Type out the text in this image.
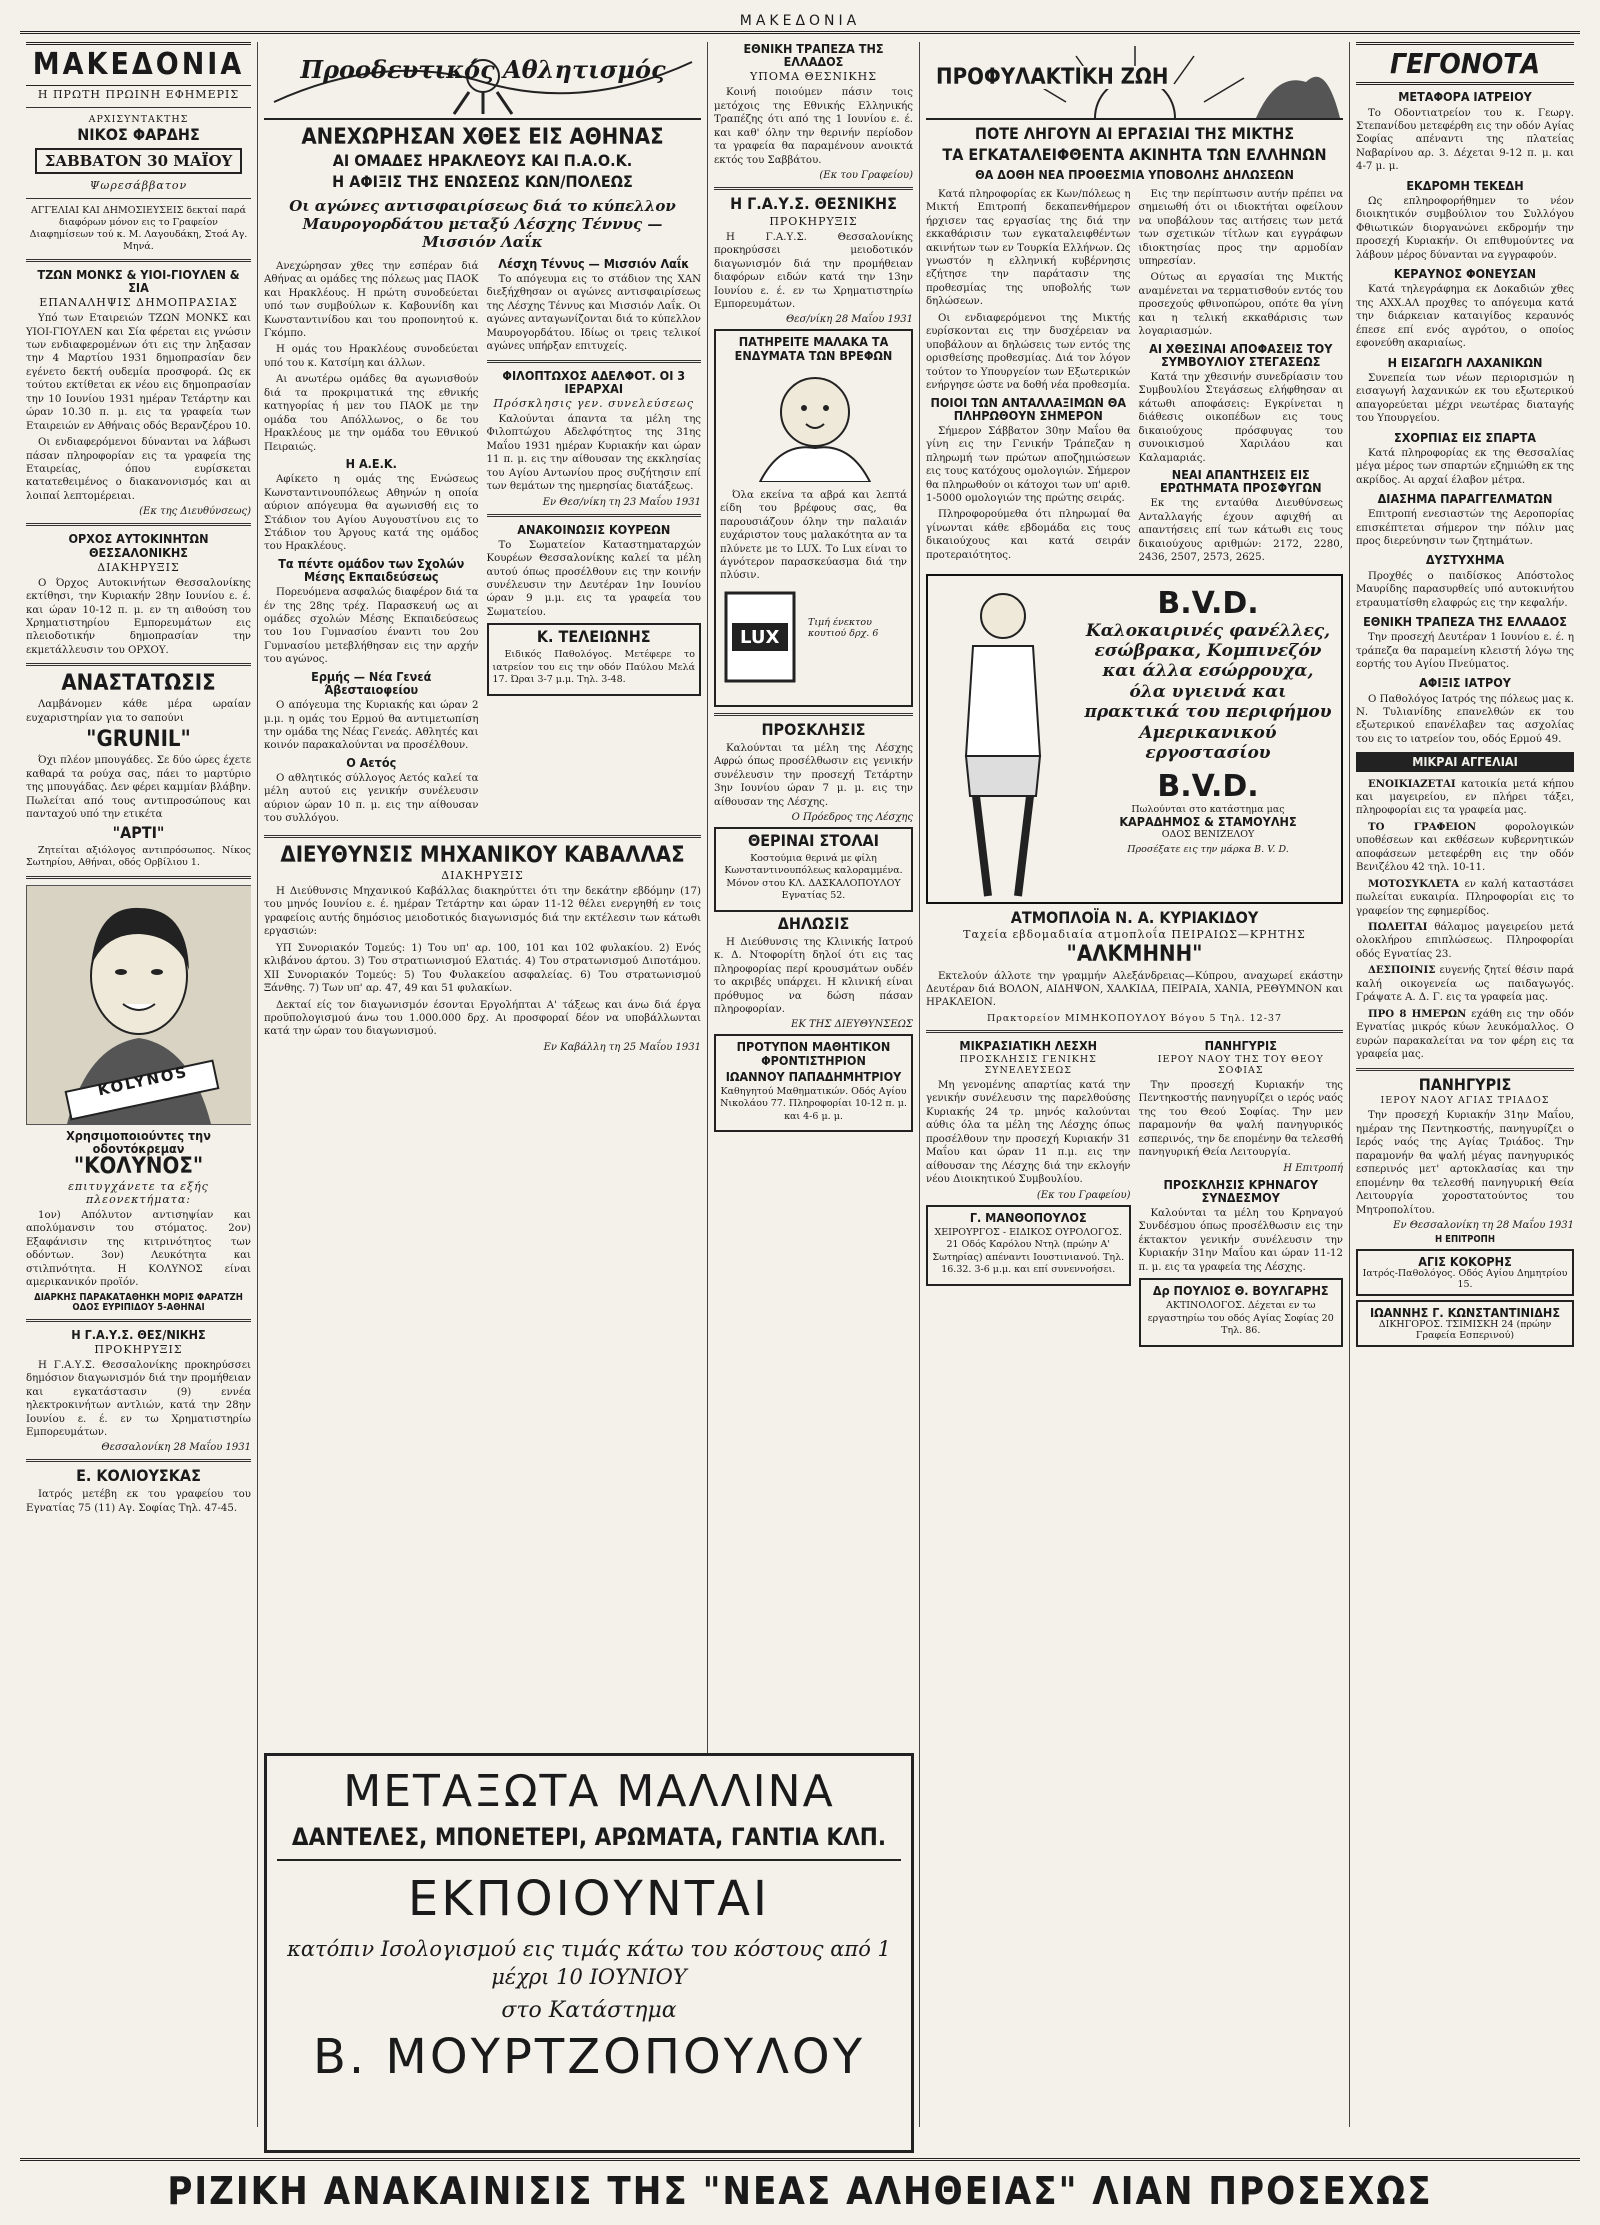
ΜΑΚΕΔΟΝΙΑ
ΜΑΚΕΔΟΝΙΑ
Η ΠΡΩΤΗ ΠΡΩΙΝΗ ΕΦΗΜΕΡΙΣ
ΑΡΧΙΣΥΝΤΑΚΤΗΣ
ΝΙΚΟΣ ΦΑΡΔΗΣ
ΣΑΒΒΑΤΟΝ 30 ΜΑΪΟΥ
Ψωρεσάββατον
ΑΓΓΕΛΙΑΙ ΚΑΙ ΔΗΜΟΣΙΕΥΣΕΙΣ δεκταί παρά διαφόρων μόνον εις το Γραφείον Διαφημίσεων τού κ. Μ. Λαγουδάκη, Στοά Αγ. Μηνά.
ΤΖΩΝ ΜΟΝΚΣ & ΥΙΟΙ-ΓΙΟΥΛΕΝ & ΣΙΑ
ΕΠΑΝΑΛΗΨΙΣ ΔΗΜΟΠΡΑΣΙΑΣ

Υπό των Εταιρειών ΤΖΩΝ ΜΟΝΚΣ και ΥΙΟΙ-ΓΙΟΥΛΕΝ και Σία φέρεται εις γνώσιν των ενδιαφερομένων ότι εις την ληξασαν την 4 Μαρτίου 1931 δημοπρασίαν δεν εγένετο δεκτή ουδεμία προσφορά. Ως εκ τούτου εκτίθεται εκ νέου εις δημοπρασίαν την 10 Ιουνίου 1931 ημέραν Τετάρτην και ώραν 10.30 π. μ. εις τα γραφεία των Εταιρειών εν Αθήναις οδός Βερανζέρου 10.

Οι ενδιαφερόμενοι δύνανται να λάβωσι πάσαν πληροφορίαν εις τα γραφεία της Εταιρείας, όπου ευρίσκεται κατατεθειμένος ο διακανονισμός και αι λοιπαί λεπτομέρειαι.

(Εκ της Διευθύνσεως)
ΟΡΧΟΣ ΑΥΤΟΚΙΝΗΤΩΝ ΘΕΣΣΑΛΟΝΙΚΗΣ
ΔΙΑΚΗΡΥΞΙΣ

Ο Όρχος Αυτοκινήτων Θεσσαλονίκης εκτίθησι, την Κυριακήν 28ην Ιουνίου ε. έ. και ώραν 10-12 π. μ. εν τη αιθούση του Χρηματιστηρίου Εμπορευμάτων εις πλειοδοτικήν δημοπρασίαν την εκμετάλλευσιν του ΟΡΧΟΥ.

ΑΝΑΣΤΑΤΩΣΙΣ

Λαμβάνομεν κάθε μέρα ωραίαν ευχαριστηρίαν για το σαπούνι

"GRUNIL"

Όχι πλέον μπουγάδες. Σε δύο ώρες έχετε καθαρά τα ρούχα σας, πάει το μαρτύριο της μπουγάδας. Δεν φέρει καμμίαν βλάβην. Πωλείται από τους αντιπροσώπους και πανταχού υπό την ετικέτα

"ΑΡΤΙ"

Ζητείται αξιόλογος αντιπρόσωπος. Νίκος Σωτηρίου, Αθήναι, οδός Ορβίλιου 1.

KOLYNOS
Χρησιμοποιούντες την οδοντόκρεμαν
"ΚΟΛΥΝΟΣ"
επιτυγχάνετε τα εξής πλεονεκτήματα:

1ον) Απόλυτον αντισηψίαν και απολύμανσιν του στόματος. 2ον) Εξαφάνισιν της κιτρινότητος των οδόντων. 3ον) Λευκότητα και στιλπνότητα. Η ΚΟΛΥΝΟΣ είναι αμερικανικόν προϊόν.

ΔΙΑΡΚΗΣ ΠΑΡΑΚΑΤΑΘΗΚΗ ΜΟΡΙΣ ΦΑΡΑΤΖΗ ΟΔΟΣ ΕΥΡΙΠΙΔΟΥ 5-ΑΘΗΝΑΙ
Η Γ.Α.Υ.Σ. ΘΕΣ/ΝΙΚΗΣ
ΠΡΟΚΗΡΥΞΙΣ

Η Γ.Α.Υ.Σ. Θεσσαλονίκης προκηρύσσει δημόσιον διαγωνισμόν διά την προμήθειαν και εγκατάστασιν (9) εννέα ηλεκτροκινήτων αντλιών, κατά την 28ην Ιουνίου ε. έ. εν τω Χρηματιστηρίω Εμπορευμάτων.

Θεσσαλονίκη 28 Μαΐου 1931
Ε. ΚΟΛΙΟΥΣΚΑΣ

Ιατρός μετέβη εκ του γραφείου του Εγνατίας 75 (11) Αγ. Σοφίας Τηλ. 47-45.

Προοδευτικός Αθλητισμός
ΑΝΕΧΩΡΗΣΑΝ ΧΘΕΣ ΕΙΣ ΑΘΗΝΑΣ
ΑΙ ΟΜΑΔΕΣ ΗΡΑΚΛΕΟΥΣ ΚΑΙ Π.Α.Ο.Κ.
Η ΑΦΙΞΙΣ ΤΗΣ ΕΝΩΣΕΩΣ ΚΩΝ/ΠΟΛΕΩΣ
Οι αγώνες αντισφαιρίσεως διά το κύπελλον Μαυρογορδάτου μεταξύ Λέσχης Τέννυς — Μισσιόν Λαΐκ

Ανεχώρησαν χθες την εσπέραν διά Αθήνας αι ομάδες της πόλεως μας ΠΑΟΚ και Ηρακλέους. Η πρώτη συνοδεύεται υπό των συμβούλων κ. Καβουνίδη και Κωνσταντινίδου και του προπονητού κ. Γκόμπο.

Η ομάς του Ηρακλέους συνοδεύεται υπό του κ. Κατσίμη και άλλων.

Αι ανωτέρω ομάδες θα αγωνισθούν διά τα προκριματικά της εθνικής κατηγορίας ή μεν του ΠΑΟΚ με την ομάδα του Απόλλωνος, ο δε του Ηρακλέους με την ομάδα του Εθνικού Πειραιώς.

Η Α.Ε.Κ.

Αφίκετο η ομάς της Ενώσεως Κωνσταντινουπόλεως Αθηνών η οποία αύριον απόγευμα θα αγωνισθή εις το Στάδιον του Αγίου Αυγουστίνου εις το Στάδιον του Άργους κατά της ομάδος του Ηρακλέους.

Τα πέντε ομάδον των Σχολών Μέσης Εκπαιδεύσεως

Πορευόμενα ασφαλώς διαφέρον διά τα έν της 28ης τρέχ. Παρασκευή ως αι ομάδες σχολών Μέσης Εκπαιδεύσεως του 1ου Γυμνασίου έναντι του 2ου Γυμνασίου μετεβλήθησαν εις την αρχήν του αγώνος.

Ερμής — Νέα Γενεά Άβεσταιοφείου

Ο απόγευμα της Κυριακής και ώραν 2 μ.μ. η ομάς του Ερμού θα αντιμετωπίση την ομάδα της Νέας Γενεάς. Αθλητές και κοινόν παρακαλούνται να προσέλθουν.

Ο Αετός

Ο αθλητικός σύλλογος Αετός καλεί τα μέλη αυτού εις γενικήν συνέλευσιν αύριον ώραν 10 π. μ. εις την αίθουσαν του συλλόγου.

Λέσχη Τέννυς — Μισσιόν Λαΐκ

Το απόγευμα εις το στάδιον της ΧΑΝ διεξήχθησαν οι αγώνες αντισφαιρίσεως της Λέσχης Τέννυς και Μισσιόν Λαΐκ. Οι αγώνες ανταγωνίζονται διά το κύπελλον Μαυρογορδάτου. Ιδίως οι τρεις τελικοί αγώνες υπήρξαν επιτυχείς.

ΦΙΛΟΠΤΩΧΟΣ ΑΔΕΛΦΟΤ. ΟΙ 3 ΙΕΡΑΡΧΑΙ
Πρόσκλησις γεν. συνελεύσεως

Καλούνται άπαντα τα μέλη της Φιλοπτώχου Αδελφότητος της 31ης Μαΐου 1931 ημέραν Κυριακήν και ώραν 11 π. μ. εις την αίθουσαν της εκκλησίας του Αγίου Αντωνίου προς συζήτησιν επί των θεμάτων της ημερησίας διατάξεως.

Εν Θεσ/νίκη τη 23 Μαΐου 1931
ΑΝΑΚΟΙΝΩΣΙΣ ΚΟΥΡΕΩΝ

Το Σωματείον Καταστηματαρχών Κουρέων Θεσσαλονίκης καλεί τα μέλη αυτού όπως προσέλθουν εις την κοινήν συνέλευσιν την Δευτέραν 1ην Ιουνίου ώραν 9 μ.μ. εις τα γραφεία του Σωματείου.

Κ. ΤΕΛΕΙΩΝΗΣ

Ειδικός Παθολόγος. Μετέφερε το ιατρείον του εις την οδόν Παύλου Μελά 17. Ώραι 3-7 μ.μ. Τηλ. 3-48.

ΔΙΕΥΘΥΝΣΙΣ ΜΗΧΑΝΙΚΟΥ ΚΑΒΑΛΛΑΣ
ΔΙΑΚΗΡΥΞΙΣ

Η Διεύθυνσις Μηχανικού Καβάλλας διακηρύττει ότι την δεκάτην εβδόμην (17) του μηνός Ιουνίου ε. έ. ημέραν Τετάρτην και ώραν 11-12 θέλει ενεργηθή εν τοις γραφείοις αυτής δημόσιος μειοδοτικός διαγωνισμός διά την εκτέλεσιν των κάτωθι εργασιών:

ΥΠ Συνοριακόν Τομεύς: 1) Του υπ' αρ. 100, 101 και 102 φυλακίου. 2) Ενός κλιβάνου άρτου. 3) Του στρατιωνισμού Ελατιάς. 4) Του στρατωνισμού Διποτάμου. ΧΙΙ Συνοριακόν Τομεύς: 5) Του Φυλακείου ασφαλείας. 6) Του στρατωνισμού Ξάνθης. 7) Των υπ' αρ. 47, 49 και 51 φυλακίων.

Δεκταί είς τον διαγωνισμόν έσονται Εργολήπται Α' τάξεως και άνω διά έργα προϋπολογισμού άνω του 1.000.000 δρχ. Αι προσφοραί δέον να υποβάλλωνται κατά την ώραν του διαγωνισμού.

Εν Καβάλλη τη 25 Μαΐου 1931
ΕΘΝΙΚΗ ΤΡΑΠΕΖΑ ΤΗΣ ΕΛΛΑΔΟΣ
ΥΠΟΜΑ ΘΕΣΝΙΚΗΣ

Κοινή ποιούμεν πάσιν τοις μετόχοις της Εθνικής Ελληνικής Τραπέζης ότι από της 1 Ιουνίου ε. έ. και καθ' όλην την θερινήν περίοδον τα γραφεία θα παραμένουν ανοικτά εκτός του Σαββάτου.

(Εκ του Γραφείου)
Η Γ.Α.Υ.Σ. ΘΕΣΝΙΚΗΣ
ΠΡΟΚΗΡΥΞΙΣ

Η Γ.Α.Υ.Σ. Θεσσαλονίκης προκηρύσσει μειοδοτικόν διαγωνισμόν διά την προμήθειαν διαφόρων ειδών κατά την 13ην Ιουνίου ε. έ. εν τω Χρηματιστηρίω Εμπορευμάτων.

Θεσ/νίκη 28 Μαΐου 1931
ΠΑΤΗΡΕΙΤΕ ΜΑΛΑΚΑ ΤΑ ΕΝΔΥΜΑΤΑ ΤΩΝ ΒΡΕΦΩΝ

Όλα εκείνα τα αβρά και λεπτά είδη του βρέφους σας, θα παρουσιάζουν όλην την παλαιάν ευχάριστον τους μαλακότητα αν τα πλύνετε με το LUX. Το Lux είναι το άγνότερον παρασκεύασμα διά την πλύσιν.

LUX
Τιμή ένεκτου κουτιού δρχ. 6
ΠΡΟΣΚΛΗΣΙΣ

Καλούνται τα μέλη της Λέσχης Αφρώ όπως προσέλθωσιν εις γενικήν συνέλευσιν την προσεχή Τετάρτην 3ην Ιουνίου ώραν 7 μ. μ. εις την αίθουσαν της Λέσχης.

Ο Πρόεδρος της Λέσχης
ΘΕΡΙΝΑΙ ΣΤΟΛΑΙ

Κοστούμια θερινά με φίλη Κωνσταντινουπόλεως καλοραμμένα. Μόνον στου ΚΛ. ΔΑΣΚΑΛΟΠΟΥΛΟΥ Εγνατίας 52.

ΔΗΛΩΣΙΣ

Η Διεύθυνσις της Κλινικής Ιατρού κ. Δ. Ντοφορίτη δηλοί ότι εις τας πληροφορίας περί κρουσμάτων ουδέν το ακριβές υπάρχει. Η κλινική είναι πρόθυμος να δώση πάσαν πληροφορίαν.

ΕΚ ΤΗΣ ΔΙΕΥΘΥΝΣΕΩΣ
ΠΡΟΤΥΠΟΝ ΜΑΘΗΤΙΚΟΝ ΦΡΟΝΤΙΣΤΗΡΙΟΝ
ΙΩΑΝΝΟΥ ΠΑΠΑΔΗΜΗΤΡΙΟΥ

Καθηγητού Μαθηματικών. Οδός Αγίου Νικολάου 77. Πληροφορίαι 10-12 π. μ. και 4-6 μ. μ.

ΠΡΟΦΥΛΑΚΤΙΚΗ ΖΩΗ
ΠΟΤΕ ΛΗΓΟΥΝ ΑΙ ΕΡΓΑΣΙΑΙ ΤΗΣ ΜΙΚΤΗΣ
ΤΑ ΕΓΚΑΤΑΛΕΙΦΘΕΝΤΑ ΑΚΙΝΗΤΑ ΤΩΝ ΕΛΛΗΝΩΝ
ΘΑ ΔΟΘΗ ΝΕΑ ΠΡΟΘΕΣΜΙΑ ΥΠΟΒΟΛΗΣ ΔΗΛΩΣΕΩΝ

Κατά πληροφορίας εκ Κων/πόλεως η Μικτή Επιτροπή δεκαπενθήμερον ήρχισεν τας εργασίας της διά την εκκαθάρισιν των εγκαταλειφθέντων ακινήτων των εν Τουρκία Ελλήνων. Ως γνωστόν η ελληνική κυβέρνησις εζήτησε την παράτασιν της προθεσμίας της υποβολής των δηλώσεων.

Οι ενδιαφερόμενοι της Μικτής ευρίσκονται εις την δυσχέρειαν να υποβάλουν αι δηλώσεις των εντός της ορισθείσης προθεσμίας. Διά τον λόγον τούτον το Υπουργείον των Εξωτερικών ενήργησε ώστε να δοθή νέα προθεσμία.

ΠΟΙΟΙ ΤΩΝ ΑΝΤΑΛΛΑΞΙΜΩΝ ΘΑ ΠΛΗΡΩΘΟΥΝ ΣΗΜΕΡΟΝ

Σήμερον Σάββατον 30ην Μαΐου θα γίνη εις την Γενικήν Τράπεζαν η πληρωμή των πρώτων αποζημιώσεων εις τους κατόχους ομολογιών. Σήμερον θα πληρωθούν οι κάτοχοι των υπ' αριθ. 1-5000 ομολογιών της πρώτης σειράς.

Πληροφορούμεθα ότι πληρωμαί θα γίνωνται κάθε εβδομάδα εις τους δικαιούχους και κατά σειράν προτεραιότητος.

Εις την περίπτωσιν αυτήν πρέπει να σημειωθή ότι οι ιδιοκτήται οφείλουν να υποβάλουν τας αιτήσεις των μετά των σχετικών τίτλων και εγγράφων ιδιοκτησίας προς την αρμοδίαν υπηρεσίαν.

Ούτως αι εργασίαι της Μικτής αναμένεται να τερματισθούν εντός του προσεχούς φθινοπώρου, οπότε θα γίνη και η τελική εκκαθάρισις των λογαριασμών.

ΑΙ ΧΘΕΣΙΝΑΙ ΑΠΟΦΑΣΕΙΣ ΤΟΥ ΣΥΜΒΟΥΛΙΟΥ ΣΤΕΓΑΣΕΩΣ

Κατά την χθεσινήν συνεδρίασιν του Συμβουλίου Στεγάσεως ελήφθησαν αι κάτωθι αποφάσεις: Εγκρίνεται η διάθεσις οικοπέδων εις τους δικαιούχους πρόσφυγας του συνοικισμού Χαριλάου και Καλαμαριάς.

ΝΕΑΙ ΑΠΑΝΤΗΣΕΙΣ ΕΙΣ ΕΡΩΤΗΜΑΤΑ ΠΡΟΣΦΥΓΩΝ

Εκ της ενταύθα Διευθύνσεως Ανταλλαγής έχουν αφιχθή αι απαντήσεις επί των κάτωθι εις τους δικαιούχους αριθμών: 2172, 2280, 2436, 2507, 2573, 2625.

B.V.D.
Καλοκαιρινές φανέλλες, εσώβρακα, Κομπινεζόν και άλλα εσώρρουχα, όλα υγιεινά και πρακτικά του περιφήμου Αμερικανικού εργοστασίου
B.V.D.
Πωλούνται στο κατάστημα μας
ΚΑΡΑΔΗΜΟΣ & ΣΤΑΜΟΥΛΗΣ
ΟΔΟΣ ΒΕΝΙΖΕΛΟΥ
Προσέξατε εις την μάρκα B. V. D.
ΑΤΜΟΠΛΟΪΑ Ν. Α. ΚΥΡΙΑΚΙΔΟΥ
Ταχεία εβδομαδιαία ατμοπλοΐα ΠΕΙΡΑΙΩΣ—ΚΡΗΤΗΣ
"ΑΛΚΜΗΝΗ"

Εκτελούν άλλοτε την γραμμήν Αλεξάνδρειας—Κύπρου, αναχωρεί εκάστην Δευτέραν διά ΒΟΛΟΝ, ΑΙΔΗΨΟΝ, ΧΑΛΚΙΔΑ, ΠΕΙΡΑΙΑ, ΧΑΝΙΑ, ΡΕΘΥΜΝΟΝ και ΗΡΑΚΛΕΙΟΝ.

Πρακτορείον ΜΙΜΗΚΟΠΟΥΛΟΥ Βόγου 5 Τηλ. 12-37
ΜΙΚΡΑΣΙΑΤΙΚΗ ΛΕΣΧΗ
ΠΡΟΣΚΛΗΣΙΣ ΓΕΝΙΚΗΣ ΣΥΝΕΛΕΥΣΕΩΣ

Μη γενομένης απαρτίας κατά την γενικήν συνέλευσιν της παρελθούσης Κυριακής 24 τρ. μηνός καλούνται αύθις όλα τα μέλη της Λέσχης όπως προσέλθουν την προσεχή Κυριακήν 31 Μαΐου και ώραν 11 π.μ. εις την αίθουσαν της Λέσχης διά την εκλογήν νέου Διοικητικού Συμβουλίου.

(Εκ του Γραφείου)
Γ. ΜΑΝΘΟΠΟΥΛΟΣ

ΧΕΙΡΟΥΡΓΟΣ - ΕΙΔΙΚΟΣ ΟΥΡΟΛΟΓΟΣ. 21 Οδός Καρόλου Ντηλ (πρώην Α' Σωτηρίας) απέναντι Ιουστινιανού. Τηλ. 16.32. 3-6 μ.μ. και επί συνεννοήσει.

ΠΑΝΗΓΥΡΙΣ
ΙΕΡΟΥ ΝΑΟΥ ΤΗΣ ΤΟΥ ΘΕΟΥ ΣΟΦΙΑΣ

Την προσεχή Κυριακήν της Πεντηκοστής πανηγυρίζει ο ιερός ναός της του Θεού Σοφίας. Την μεν παραμονήν θα ψαλή πανηγυρικός εσπερινός, την δε επομένην θα τελεσθή πανηγυρική Θεία Λειτουργία.

Η Επιτροπή
ΠΡΟΣΚΛΗΣΙΣ ΚΡΗΝΑΓΟΥ ΣΥΝΔΕΣΜΟΥ

Καλούνται τα μέλη του Κρηναγού Συνδέσμου όπως προσέλθωσιν εις την έκτακτον γενικήν συνέλευσιν την Κυριακήν 31ην Μαΐου και ώραν 11-12 π. μ. εις τα γραφεία της Λέσχης.

Δρ ΠΟΥΛΙΟΣ Θ. ΒΟΥΛΓΑΡΗΣ

ΑΚΤΙΝΟΛΟΓΟΣ. Δέχεται εν τω εργαστηρίω του οδός Αγίας Σοφίας 20 Τηλ. 86.

ΓΕΓΟΝΟΤΑ
ΜΕΤΑΦΟΡΑ ΙΑΤΡΕΙΟΥ

Το Οδοντιατρείον του κ. Γεωργ. Στεπανίδου μετεφέρθη εις την οδόν Αγίας Σοφίας απέναντι της πλατείας Ναβαρίνου αρ. 3. Δέχεται 9-12 π. μ. και 4-7 μ. μ.

ΕΚΔΡΟΜΗ ΤΕΚΕΔΗ

Ως επληροφορήθημεν το νέον διοικητικόν συμβούλιον του Συλλόγου Φθιωτικών διοργανώνει εκδρομήν την προσεχή Κυριακήν. Οι επιθυμούντες να λάβουν μέρος δύνανται να εγγραφούν.

ΚΕΡΑΥΝΟΣ ΦΟΝΕΥΣΑΝ

Κατά τηλεγράφημα εκ Δοκαδιών χθες της ΑΧΧ.ΑΛ προχθες το απόγευμα κατά την διάρκειαν καταιγίδος κεραυνός έπεσε επί ενός αγρότου, ο οποίος εφονεύθη ακαριαίως.

Η ΕΙΣΑΓΩΓΗ ΛΑΧΑΝΙΚΩΝ

Συνεπεία των νέων περιορισμών η εισαγωγή λαχανικών εκ του εξωτερικού απαγορεύεται μέχρι νεωτέρας διαταγής του Υπουργείου.

ΣΧΟΡΠΙΑΣ ΕΙΣ ΣΠΑΡΤΑ

Κατά πληροφορίας εκ της Θεσσαλίας μέγα μέρος των σπαρτών εζημιώθη εκ της ακρίδος. Αι αρχαί έλαβον μέτρα.

ΔΙΑΣΗΜΑ ΠΑΡΑΓΓΕΛΜΑΤΩΝ

Επιτροπή ενεσιαστών της Αεροπορίας επισκέπτεται σήμερον την πόλιν μας προς διερεύνησιν των ζητημάτων.

ΔΥΣΤΥΧΗΜΑ

Προχθές ο παιδίσκος Απόστολος Μαυρίδης παρασυρθείς υπό αυτοκινήτου ετραυματίσθη ελαφρώς εις την κεφαλήν.

ΕΘΝΙΚΗ ΤΡΑΠΕΖΑ ΤΗΣ ΕΛΛΑΔΟΣ

Την προσεχή Δευτέραν 1 Ιουνίου ε. έ. η τράπεζα θα παραμείνη κλειστή λόγω της εορτής του Αγίου Πνεύματος.

ΑΦΙΞΙΣ ΙΑΤΡΟΥ

Ο Παθολόγος Ιατρός της πόλεως μας κ. Ν. Τυλιανίδης επανελθών εκ του εξωτερικού επανέλαβεν τας ασχολίας του εις το ιατρείον του, οδός Ερμού 49.

ΜΙΚΡΑΙ ΑΓΓΕΛΙΑΙ

ΕΝΟΙΚΙΑΖΕΤΑΙ κατοικία μετά κήπου και μαγειρείου, εν πλήρει τάξει, πληροφορίαι εις τα γραφεία μας.

ΤΟ ΓΡΑΦΕΙΟΝ	φορολογικών υποθέσεων και εκθέσεων κυβερνητικών αποφάσεων μετεφέρθη εις την οδόν Βενιζέλου 42 τηλ. 10-11.

ΜΟΤΟΣΥΚΛΕΤΑ εν καλή καταστάσει πωλείται ευκαιρία. Πληροφορίαι εις το γραφείον της εφημερίδος.

ΠΩΛΕΙΤΑΙ θάλαμος μαγειρείου μετά ολοκλήρου επιπλώσεως. Πληροφορίαι οδός Εγνατίας 23.

ΔΕΣΠΟΙΝΙΣ ευγενής ζητεί θέσιν παρά καλή οικογενεία ως παιδαγωγός. Γράψατε Α. Δ. Γ. εις τα γραφεία μας.

ΠΡΟ 8 ΗΜΕΡΩΝ εχάθη εις την οδόν Εγνατίας μικρός κύων λευκόμαλλος. Ο ευρών παρακαλείται να τον φέρη εις τα γραφεία μας.

ΠΑΝΗΓΥΡΙΣ
ΙΕΡΟΥ ΝΑΟΥ ΑΓΙΑΣ ΤΡΙΑΔΟΣ

Την προσεχή Κυριακήν 31ην Μαΐου, ημέραν της Πεντηκοστής, πανηγυρίζει ο Ιερός ναός της Αγίας Τριάδος. Την παραμονήν θα ψαλή μέγας πανηγυρικός εσπερινός μετ' αρτοκλασίας και την επομένην θα τελεσθή πανηγυρική Θεία Λειτουργία χοροστατούντος του Μητροπολίτου.

Εν Θεσσαλονίκη τη 28 Μαΐου 1931
Η ΕΠΙΤΡΟΠΗ
ΑΓΙΣ ΚΟΚΟΡΗΣ
Ιατρός-Παθολόγος. Οδός Αγίου Δημητρίου 15.
ΙΩΑΝΝΗΣ Γ. ΚΩΝΣΤΑΝΤΙΝΙΔΗΣ
ΔΙΚΗΓΟΡΟΣ. ΤΣΙΜΙΣΚΗ 24 (πρώην Γραφεία Εσπερινού)
ΜΕΤΑΞΩΤΑ ΜΑΛΛΙΝΑ
ΔΑΝΤΕΛΕΣ, ΜΠΟΝΕΤΕΡΙ, ΑΡΩΜΑΤΑ, ΓΑΝΤΙΑ ΚΛΠ.
ΕΚΠΟΙΟΥΝΤΑΙ
κατόπιν Ισολογισμού εις τιμάς κάτω του κόστους από 1 μέχρι 10 ΙΟΥΝΙΟΥ
στο Κατάστημα
Β. ΜΟΥΡΤΖΟΠΟΥΛΟΥ
ΡΙΖΙΚΗ ΑΝΑΚΑΙΝΙΣΙΣ ΤΗΣ "ΝΕΑΣ ΑΛΗΘΕΙΑΣ" ΛΙΑΝ ΠΡΟΣΕΧΩΣ
